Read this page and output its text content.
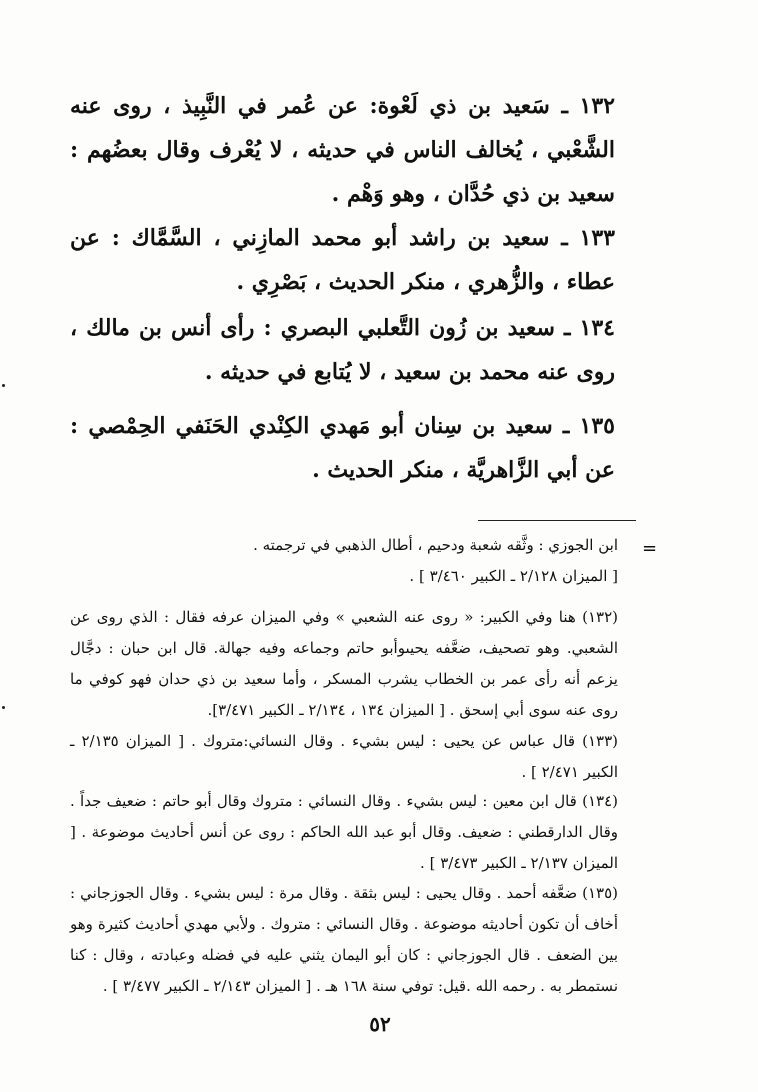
١٣٢ ـ سَعيد بن ذي لَعْوة: عن عُمر في النَّبِيذ ، روى عنه الشَّعْبي ، يُخالف الناس في حديثه ، لا يُعْرف وقال بعضُهم : سعيد بن ذي حُدَّان ، وهو وَهْم .
١٣٣ ـ سعيد بن راشد أبو محمد المازِني ، السَّمَّاك : عن عطاء ، والزُّهري ، منكر الحديث ، بَصْرِي .
١٣٤ ـ سعيد بن زُون التَّعلبي البصري : رأى أنس بن مالك ، روى عنه محمد بن سعيد ، لا يُتابع في حديثه .
١٣٥ ـ سعيد بن سِنان أبو مَهدي الكِنْدي الحَنَفي الحِمْصي : عن أبي الزَّاهريَّة ، منكر الحديث .
=
ابن الجوزي : وثَّقه شعبة ودحيم ، أطال الذهبي في ترجمته .
[ الميزان ٢/١٢٨ ـ الكبير ٣/٤٦٠ ] .
(١٣٢) هنا وفي الكبير: « روى عنه الشعبي » وفي الميزان عرفه فقال : الذي روى عن الشعبي. وهو تصحيف، ضعَّفه يحيىوأبو حاتم وجماعه وفيه جهالة. قال ابن حبان : دجَّال يزعم أنه رأى عمر بن الخطاب يشرب المسكر ، وأما سعيد بن ذي حدان فهو كوفي ما روى عنه سوى أبي إسحق . [ الميزان ١٣٤ ، ٢/١٣٤ ـ الكبير ٣/٤٧١].
(١٣٣) قال عباس عن يحيى : ليس بشيء . وقال النسائي:متروك . [ الميزان ٢/١٣٥ ـ الكبير ٢/٤٧١ ] .
(١٣٤) قال ابن معين : ليس بشيء . وقال النسائي : متروك وقال أبو حاتم : ضعيف جداً . وقال الدارقطني : ضعيف. وقال أبو عبد الله الحاكم : روى عن أنس أحاديث موضوعة . [ الميزان ٢/١٣٧ ـ الكبير ٣/٤٧٣ ] .
(١٣٥) ضعَّفه أحمد . وقال يحيى : ليس بثقة . وقال مرة : ليس بشيء . وقال الجوزجاني : أخاف أن تكون أحاديثه موضوعة . وقال النسائي : متروك . ولأبي مهدي أحاديث كثيرة وهو بين الضعف . قال الجوزجاني : كان أبو اليمان يثني عليه في فضله وعبادته ، وقال : كنا نستمطر به . رحمه الله .قيل: توفي سنة ١٦٨ هـ . [ الميزان ٢/١٤٣ ـ الكبير ٣/٤٧٧ ] .
٥٢
